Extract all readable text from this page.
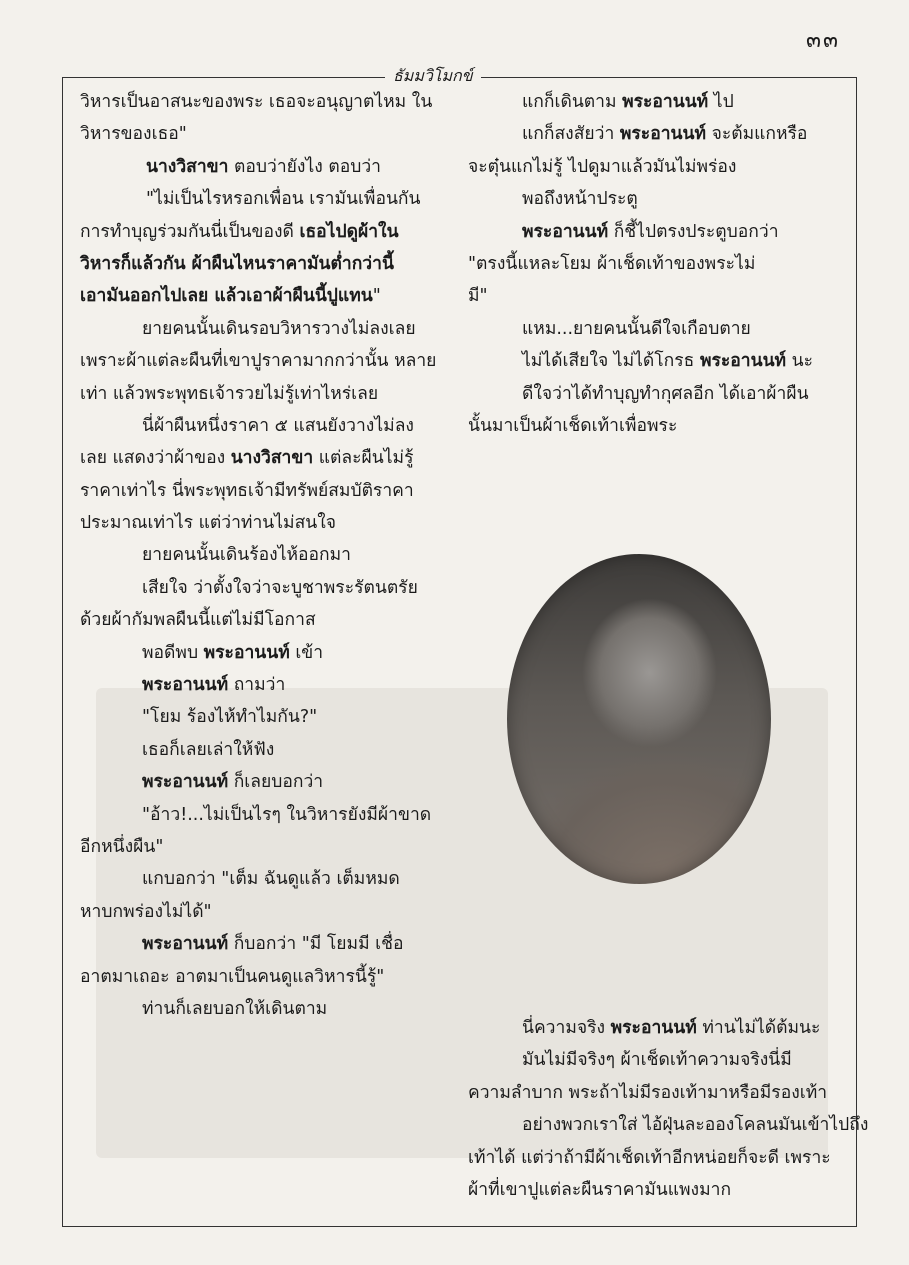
๓๓
ธัมมวิโมกข์
วิหารเป็นอาสนะของพระ เธอจะอนุญาตไหม ใน
วิหารของเธอ"
นางวิสาขา ตอบว่ายังไง ตอบว่า
"ไม่เป็นไรหรอกเพื่อน เรามันเพื่อนกัน
การทำบุญร่วมกันนี่เป็นของดี เธอไปดูผ้าใน
วิหารก็แล้วกัน ผ้าผืนไหนราคามันต่ำกว่านี้
เอามันออกไปเลย แล้วเอาผ้าผืนนี้ปูแทน"
ยายคนนั้นเดินรอบวิหารวางไม่ลงเลย
เพราะผ้าแต่ละผืนที่เขาปูราคามากกว่านั้น หลาย
เท่า แล้วพระพุทธเจ้ารวยไม่รู้เท่าไหร่เลย
นี่ผ้าผืนหนึ่งราคา ๕ แสนยังวางไม่ลง
เลย แสดงว่าผ้าของ นางวิสาขา แต่ละผืนไม่รู้
ราคาเท่าไร นี่พระพุทธเจ้ามีทรัพย์สมบัติราคา
ประมาณเท่าไร แต่ว่าท่านไม่สนใจ
ยายคนนั้นเดินร้องไห้ออกมา
เสียใจ ว่าตั้งใจว่าจะบูชาพระรัตนตรัย
ด้วยผ้ากัมพลผืนนี้แต่ไม่มีโอกาส
พอดีพบ พระอานนท์ เข้า
พระอานนท์ ถามว่า
"โยม ร้องไห้ทำไมกัน?"
เธอก็เลยเล่าให้ฟัง
พระอานนท์ ก็เลยบอกว่า
"อ้าว!...ไม่เป็นไรๆ ในวิหารยังมีผ้าขาด
อีกหนึ่งผืน"
แกบอกว่า "เต็ม ฉันดูแล้ว เต็มหมด
หาบกพร่องไม่ได้"
พระอานนท์ ก็บอกว่า "มี โยมมี เชื่อ
อาตมาเถอะ อาตมาเป็นคนดูแลวิหารนี้รู้"
ท่านก็เลยบอกให้เดินตาม
แกก็เดินตาม พระอานนท์ ไป
แกก็สงสัยว่า พระอานนท์ จะต้มแกหรือ
จะตุ๋นแกไม่รู้ ไปดูมาแล้วมันไม่พร่อง
พอถึงหน้าประตู
พระอานนท์ ก็ชี้ไปตรงประตูบอกว่า
"ตรงนี้แหละโยม ผ้าเช็ดเท้าของพระไม่
มี"
แหม...ยายคนนั้นดีใจเกือบตาย
ไม่ได้เสียใจ ไม่ได้โกรธ พระอานนท์ นะ
ดีใจว่าได้ทำบุญทำกุศลอีก ได้เอาผ้าผืน
นั้นมาเป็นผ้าเช็ดเท้าเพื่อพระ
นี่ความจริง พระอานนท์ ท่านไม่ได้ต้มนะ
มันไม่มีจริงๆ ผ้าเช็ดเท้าความจริงนี่มี
ความลำบาก พระถ้าไม่มีรองเท้ามาหรือมีรองเท้า
อย่างพวกเราใส่ ไอ้ฝุ่นละอองโคลนมันเข้าไปถึง
เท้าได้ แต่ว่าถ้ามีผ้าเช็ดเท้าอีกหน่อยก็จะดี เพราะ
ผ้าที่เขาปูแต่ละผืนราคามันแพงมาก
